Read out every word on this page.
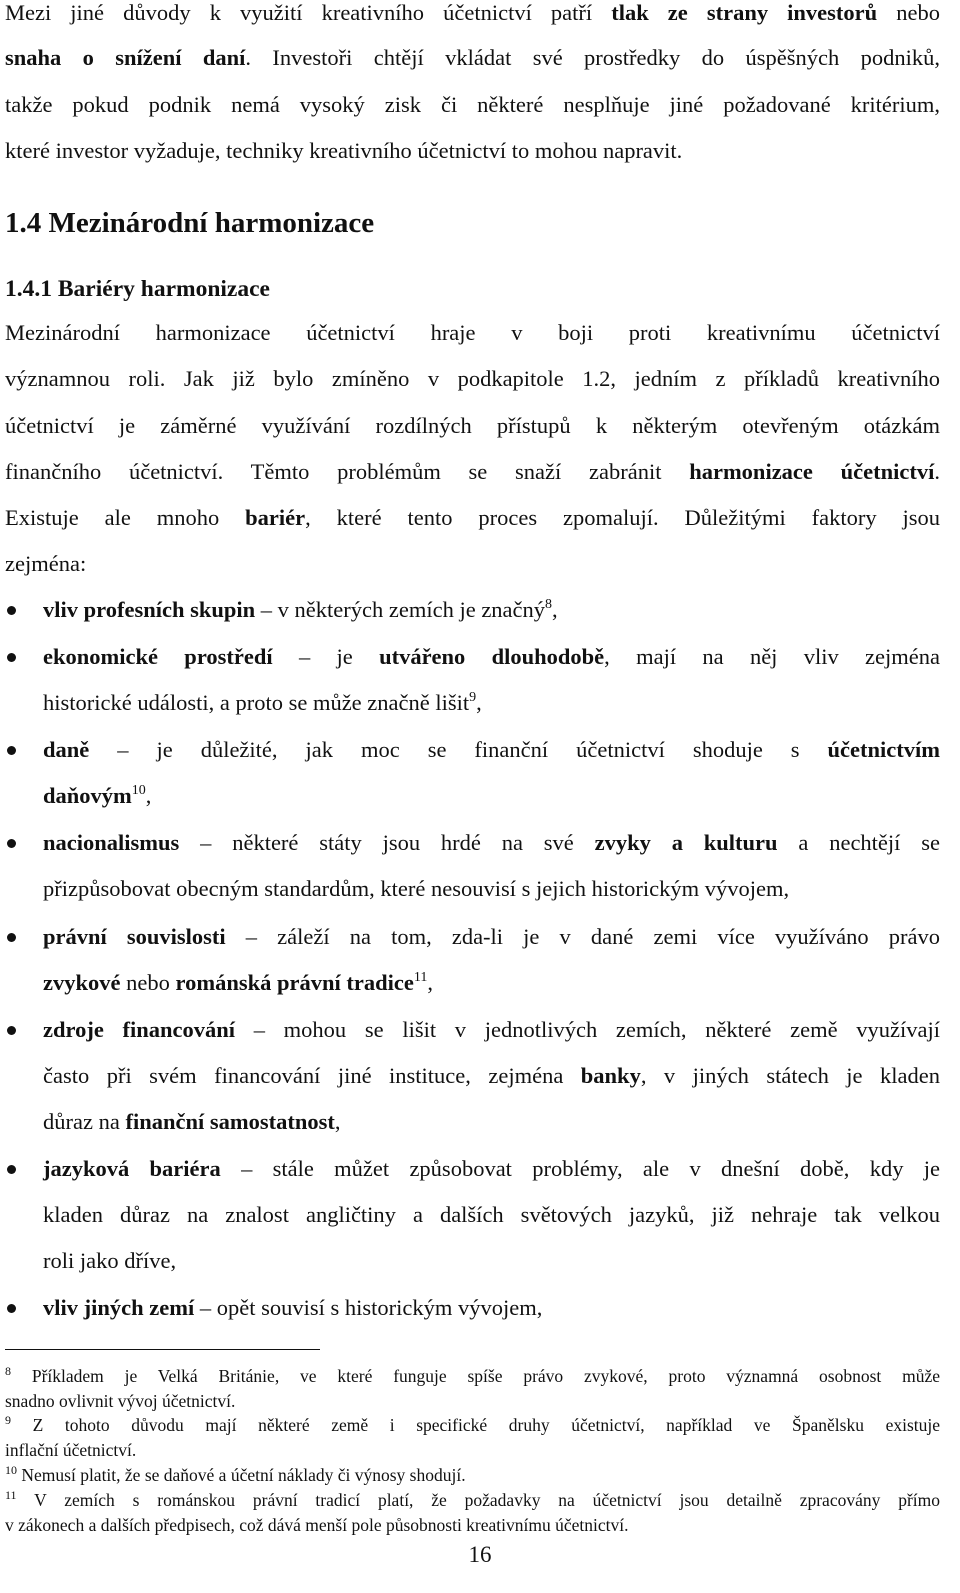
Mezi jiné důvody k využití kreativního účetnictví patří tlak ze strany investorů nebo
snaha o snížení daní. Investoři chtějí vkládat své prostředky do úspěšných podniků,
takže pokud podnik nemá vysoký zisk či některé nesplňuje jiné požadované kritérium,
které investor vyžaduje, techniky kreativního účetnictví to mohou napravit.
1.4 Mezinárodní harmonizace
1.4.1 Bariéry harmonizace
Mezinárodní harmonizace účetnictví hraje v boji proti kreativnímu účetnictví
významnou roli. Jak již bylo zmíněno v podkapitole 1.2, jedním z příkladů kreativního
účetnictví je záměrné využívání rozdílných přístupů k některým otevřeným otázkám
finančního účetnictví. Těmto problémům se snaží zabránit harmonizace účetnictví.
Existuje ale mnoho bariér, které tento proces zpomalují. Důležitými faktory jsou
zejména:
vliv profesních skupin – v některých zemích je značný$^8$,
ekonomické prostředí – je utvářeno dlouhodobě, mají na něj vliv zejména
historické události, a proto se může značně lišit$^9$,
daně – je důležité, jak moc se finanční účetnictví shoduje s účetnictvím
daňovým$^{10}$,
nacionalismus – některé státy jsou hrdé na své zvyky a kulturu a nechtějí se
přizpůsobovat obecným standardům, které nesouvisí s jejich historickým vývojem,
právní souvislosti – záleží na tom, zda-li je v dané zemi více využíváno právo
zvykové nebo románská právní tradice$^{11}$,
zdroje financování – mohou se lišit v jednotlivých zemích, některé země využívají
často při svém financování jiné instituce, zejména banky, v jiných státech je kladen
důraz na finanční samostatnost,
jazyková bariéra – stále můžet způsobovat problémy, ale v dnešní době, kdy je
kladen důraz na znalost angličtiny a dalších světových jazyků, již nehraje tak velkou
roli jako dříve,
vliv jiných zemí – opět souvisí s historickým vývojem,
$^8$ Příkladem je Velká Británie, ve které funguje spíše právo zvykové, proto významná osobnost může
snadno ovlivnit vývoj účetnictví.
$^9$ Z tohoto důvodu mají některé země i specifické druhy účetnictví, například ve Španělsku existuje
inflační účetnictví.
$^{10}$ Nemusí platit, že se daňové a účetní náklady či výnosy shodují.
$^{11}$ V zemích s románskou právní tradicí platí, že požadavky na účetnictví jsou detailně zpracovány přímo
v zákonech a dalších předpisech, což dává menší pole působnosti kreativnímu účetnictví.
16
